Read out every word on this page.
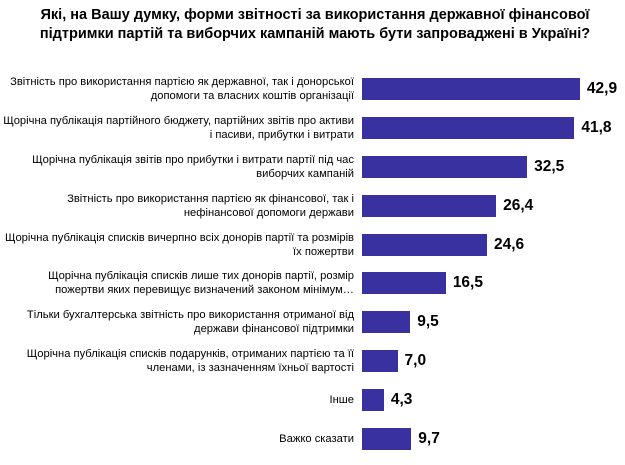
Які, на Вашу думку, форми звітності за використання державної фінансової підтримки партій та виборчих кампаній мають бути запроваджені в Україні?
Звітність про використання партією як державної, так і донорської допомоги та власних коштів організації	42,9
Щорічна публікація партійного бюджету, партійних звітів про активи і пасиви, прибутки і витрати	41,8
Щорічна публікація звітів про прибутки і витрати партії під час виборчих кампаній	32,5
Звітність про використання партією як фінансової, так і нефінансової допомоги держави	26,4
Щорічна публікація списків вичерпно всіх донорів партії та розмірів їх пожертви	24,6
Щорічна публікація списків лише тих донорів партії, розмір пожертви яких перевищує визначений законом мінімум…	16,5
Тільки бухгалтерська звітність про використання отриманої від держави фінансової підтримки	9,5
Щорічна публікація списків подарунків, отриманих партією та її членами, із зазначенням їхньої вартості	7,0
Інше	4,3
Важко сказати	9,7
